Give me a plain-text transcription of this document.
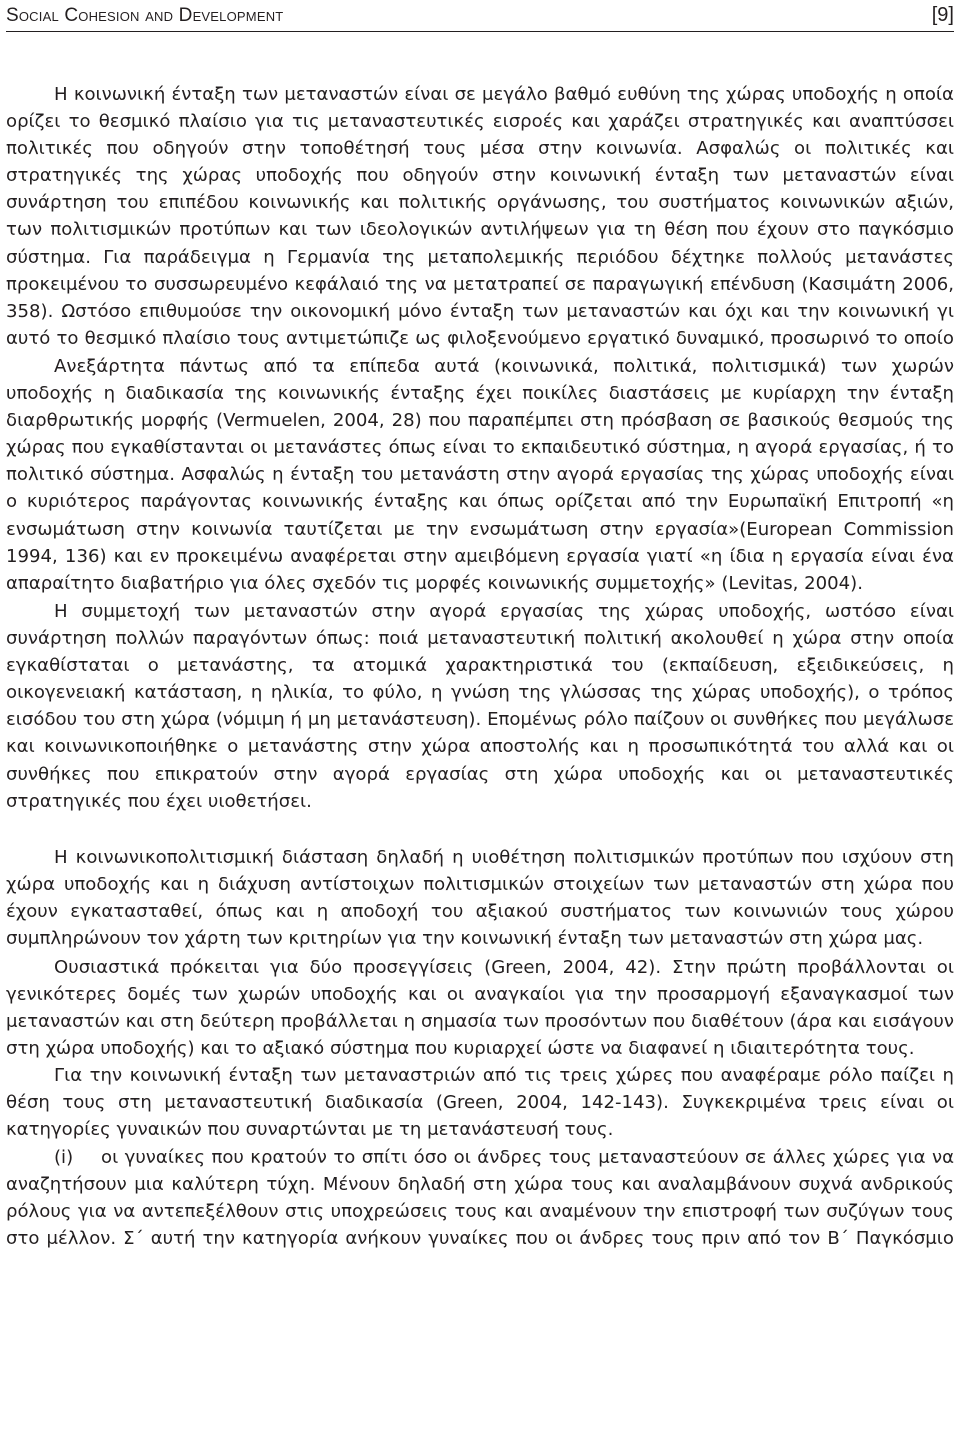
Social Cohesion and Development	[9]

Η κοινωνική ένταξη των μεταναστών είναι σε μεγάλο βαθμό ευθύνη της χώρας υποδοχής η οποία ορίζει το θεσμικό πλαίσιο για τις μεταναστευτικές εισροές και χαράζει στρατηγικές και αναπτύσσει πολιτικές που οδηγούν στην τοποθέτησή τους μέσα στην κοινωνία. Ασφαλώς οι πολιτικές και στρατηγικές της χώρας υποδοχής που οδηγούν στην κοινωνική ένταξη των μεταναστών είναι συνάρτηση του επιπέδου κοινωνικής και πολιτικής οργάνωσης, του συστήματος κοινωνικών αξιών, των πολιτισμικών προτύπων και των ιδεολογικών αντιλήψεων για τη θέση που έχουν στο παγκόσμιο σύστημα. Για παράδειγμα η Γερμανία της μεταπολεμικής περιόδου δέχτηκε πολλούς μετανάστες προκειμένου το συσσωρευμένο κεφάλαιό της να μετατραπεί σε παραγωγική επένδυση (Κασιμάτη 2006, 358). Ωστόσο επιθυμούσε την οικονομική μόνο ένταξη των μεταναστών και όχι και την κοινωνική γι αυτό το θεσμικό πλαίσιο τους αντιμετώπιζε ως φιλοξενούμενο εργατικό δυναμικό, προσωρινό το οποίο

Ανεξάρτητα πάντως από τα επίπεδα αυτά (κοινωνικά, πολιτικά, πολιτισμικά) των χωρών υποδοχής η διαδικασία της κοινωνικής ένταξης έχει ποικίλες διαστάσεις με κυρίαρχη την ένταξη διαρθρωτικής μορφής (Vermuelen, 2004, 28) που παραπέμπει στη πρόσβαση σε βασικούς θεσμούς της χώρας που εγκαθίστανται οι μετανάστες όπως είναι το εκπαιδευτικό σύστημα, η αγορά εργασίας, ή το πολιτικό σύστημα. Ασφαλώς η ένταξη του μετανάστη στην αγορά εργασίας της χώρας υποδοχής είναι ο κυριότερος παράγοντας κοινωνικής ένταξης και όπως ορίζεται από την Ευρωπαϊκή Επιτροπή «η ενσωμάτωση στην κοινωνία ταυτίζεται με την ενσωμάτωση στην εργασία»(European Commission 1994, 136) και εν προκειμένω αναφέρεται στην αμειβόμενη εργασία γιατί «η ίδια η εργασία είναι ένα απαραίτητο διαβατήριο για όλες σχεδόν τις μορφές κοινωνικής συμμετοχής» (Levitas, 2004).

Η συμμετοχή των μεταναστών στην αγορά εργασίας της χώρας υποδοχής, ωστόσο είναι συνάρτηση πολλών παραγόντων όπως: ποιά μεταναστευτική πολιτική ακολουθεί η χώρα στην οποία εγκαθίσταται ο μετανάστης, τα ατομικά χαρακτηριστικά του (εκπαίδευση, εξειδικεύσεις, η οικογενειακή κατάσταση, η ηλικία, το φύλο, η γνώση της γλώσσας της χώρας υποδοχής), ο τρόπος εισόδου του στη χώρα (νόμιμη ή μη μετανάστευση). Επομένως ρόλο παίζουν οι συνθήκες που μεγάλωσε και κοινωνικοποιήθηκε ο μετανάστης στην χώρα αποστολής και η προσωπικότητά του αλλά και οι συνθήκες που επικρατούν στην αγορά εργασίας στη χώρα υποδοχής και οι μεταναστευτικές στρατηγικές που έχει υιοθετήσει.

Η κοινωνικοπολιτισμική διάσταση δηλαδή η υιοθέτηση πολιτισμικών προτύπων που ισχύουν στη χώρα υποδοχής και η διάχυση αντίστοιχων πολιτισμικών στοιχείων των μεταναστών στη χώρα που έχουν εγκατασταθεί, όπως και η αποδοχή του αξιακού συστήματος των κοινωνιών τους χώρου συμπληρώνουν τον χάρτη των κριτηρίων για την κοινωνική ένταξη των μεταναστών στη χώρα μας.

Ουσιαστικά πρόκειται για δύο προσεγγίσεις (Green, 2004, 42). Στην πρώτη προβάλλονται οι γενικότερες δομές των χωρών υποδοχής και οι αναγκαίοι για την προσαρμογή εξαναγκασμοί των μεταναστών και στη δεύτερη προβάλλεται η σημασία των προσόντων που διαθέτουν (άρα και εισάγουν στη χώρα υποδοχής) και το αξιακό σύστημα που κυριαρχεί ώστε να διαφανεί η ιδιαιτερότητα τους.

Για την κοινωνική ένταξη των μεταναστριών από τις τρεις χώρες που αναφέραμε ρόλο παίζει η θέση τους στη μεταναστευτική διαδικασία (Green, 2004, 142-143). Συγκεκριμένα τρεις είναι οι κατηγορίες γυναικών που συναρτώνται με τη μετανάστευσή τους.

(i) οι γυναίκες που κρατούν το σπίτι όσο οι άνδρες τους μεταναστεύουν σε άλλες χώρες για να αναζητήσουν μια καλύτερη τύχη. Μένουν δηλαδή στη χώρα τους και αναλαμβάνουν συχνά ανδρικούς ρόλους για να αντεπεξέλθουν στις υποχρεώσεις τους και αναμένουν την επιστροφή των συζύγων τους στο μέλλον. Σ΄ αυτή την κατηγορία ανήκουν γυναίκες που οι άνδρες τους πριν από τον Β΄ Παγκόσμιο
